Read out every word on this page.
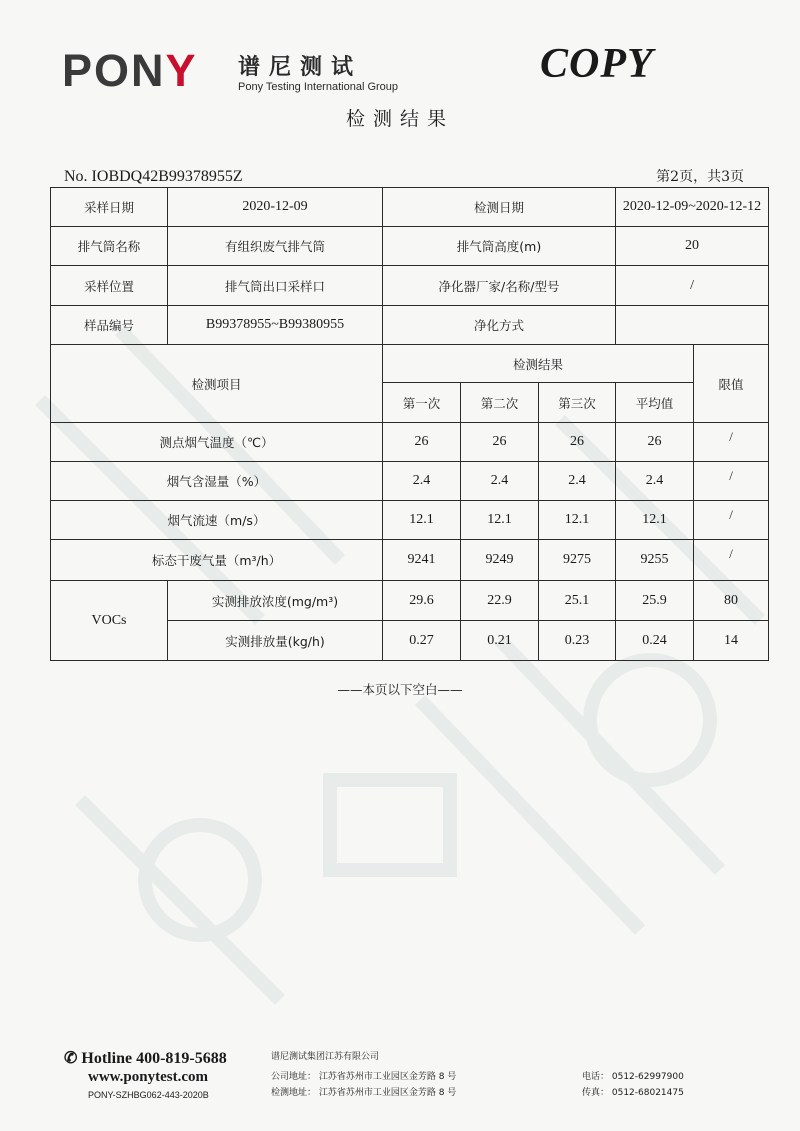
PONY 谱尼测试
Pony Testing International Group	COPY
检测结果
No. IOBDQ42B99378955Z	第2页，共3页
采样日期	2020-12-09	检测日期			2020-12-09~2020-12-12	
排气筒名称	有组织废气排气筒	排气筒高度(m)			20	
采样位置	排气筒出口采样口	净化器厂家/名称/型号			/	
样品编号	B99378955~B99380955	净化方式				
检测项目		检测结果				限值
		第一次	第二次	第三次	平均值	
测点烟气温度（℃）		26	26	26	26	/
烟气含湿量（%）		2.4	2.4	2.4	2.4	/
烟气流速（m/s）		12.1	12.1	12.1	12.1	/
标态干废气量（m³/h）		9241	9249	9275	9255	/
VOCs	实测排放浓度(mg/m³)	29.6	22.9	25.1	25.9	80
	实测排放量(kg/h)	0.27	0.21	0.23	0.24	14
——本页以下空白——
✆ Hotline 400-819-5688
www.ponytest.com
PONY-SZHBG062-443-2020B
谱尼测试集团江苏有限公司
公司地址： 江苏省苏州市工业园区金芳路 8 号
检测地址： 江苏省苏州市工业园区金芳路 8 号
电话： 0512-62997900
传真： 0512-68021475
